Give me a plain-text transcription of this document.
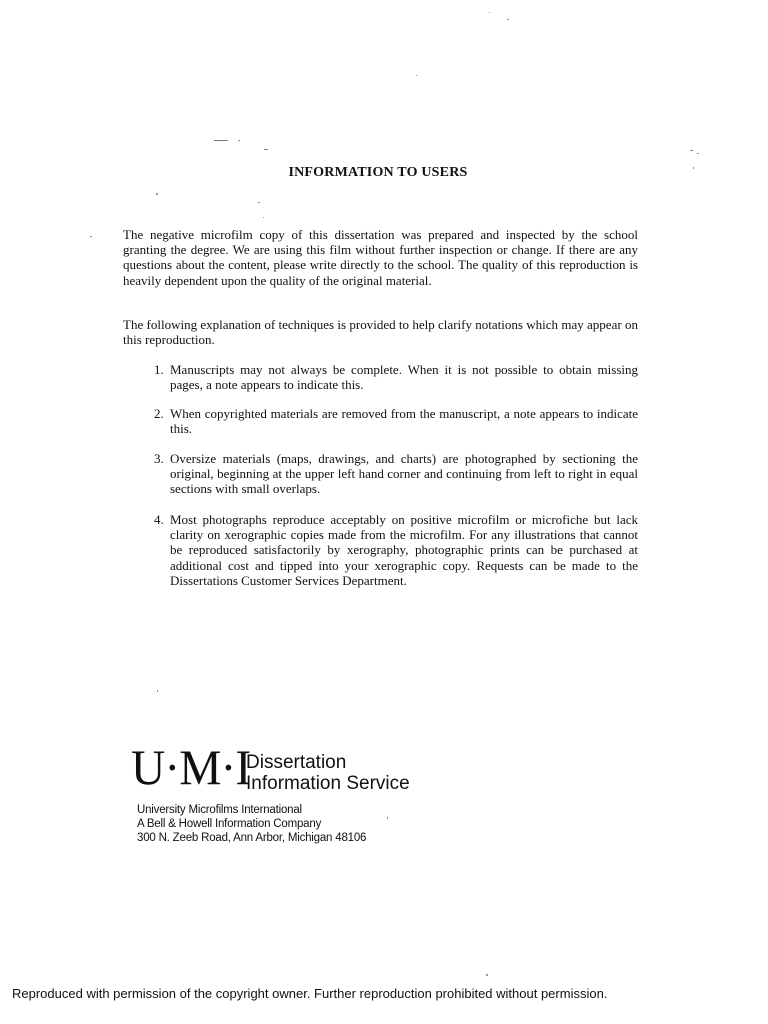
INFORMATION TO USERS

The negative microfilm copy of this dissertation was prepared and inspected by the school granting the degree. We are using this film without further inspection or change. If there are any questions about the content, please write directly to the school. The quality of this reproduction is heavily dependent upon the quality of the original material.

The following explanation of techniques is provided to help clarify notations which may appear on this reproduction.

1. Manuscripts may not always be complete. When it is not possible to obtain missing pages, a note appears to indicate this.
2. When copyrighted materials are removed from the manuscript, a note appears to indicate this.
3. Oversize materials (maps, drawings, and charts) are photographed by sectioning the original, beginning at the upper left hand corner and continuing from left to right in equal sections with small overlaps.
4. Most photographs reproduce acceptably on positive microfilm or microfiche but lack clarity on xerographic copies made from the microfilm. For any illustrations that cannot be reproduced satisfactorily by xerography, photographic prints can be purchased at additional cost and tipped into your xerographic copy. Requests can be made to the Dissertations Customer Services Department.
U·M·I
Dissertation
Information Service
University Microfilms International
A Bell & Howell Information Company
300 N. Zeeb Road, Ann Arbor, Michigan 48106

Reproduced with permission of the copyright owner. Further reproduction prohibited without permission.
